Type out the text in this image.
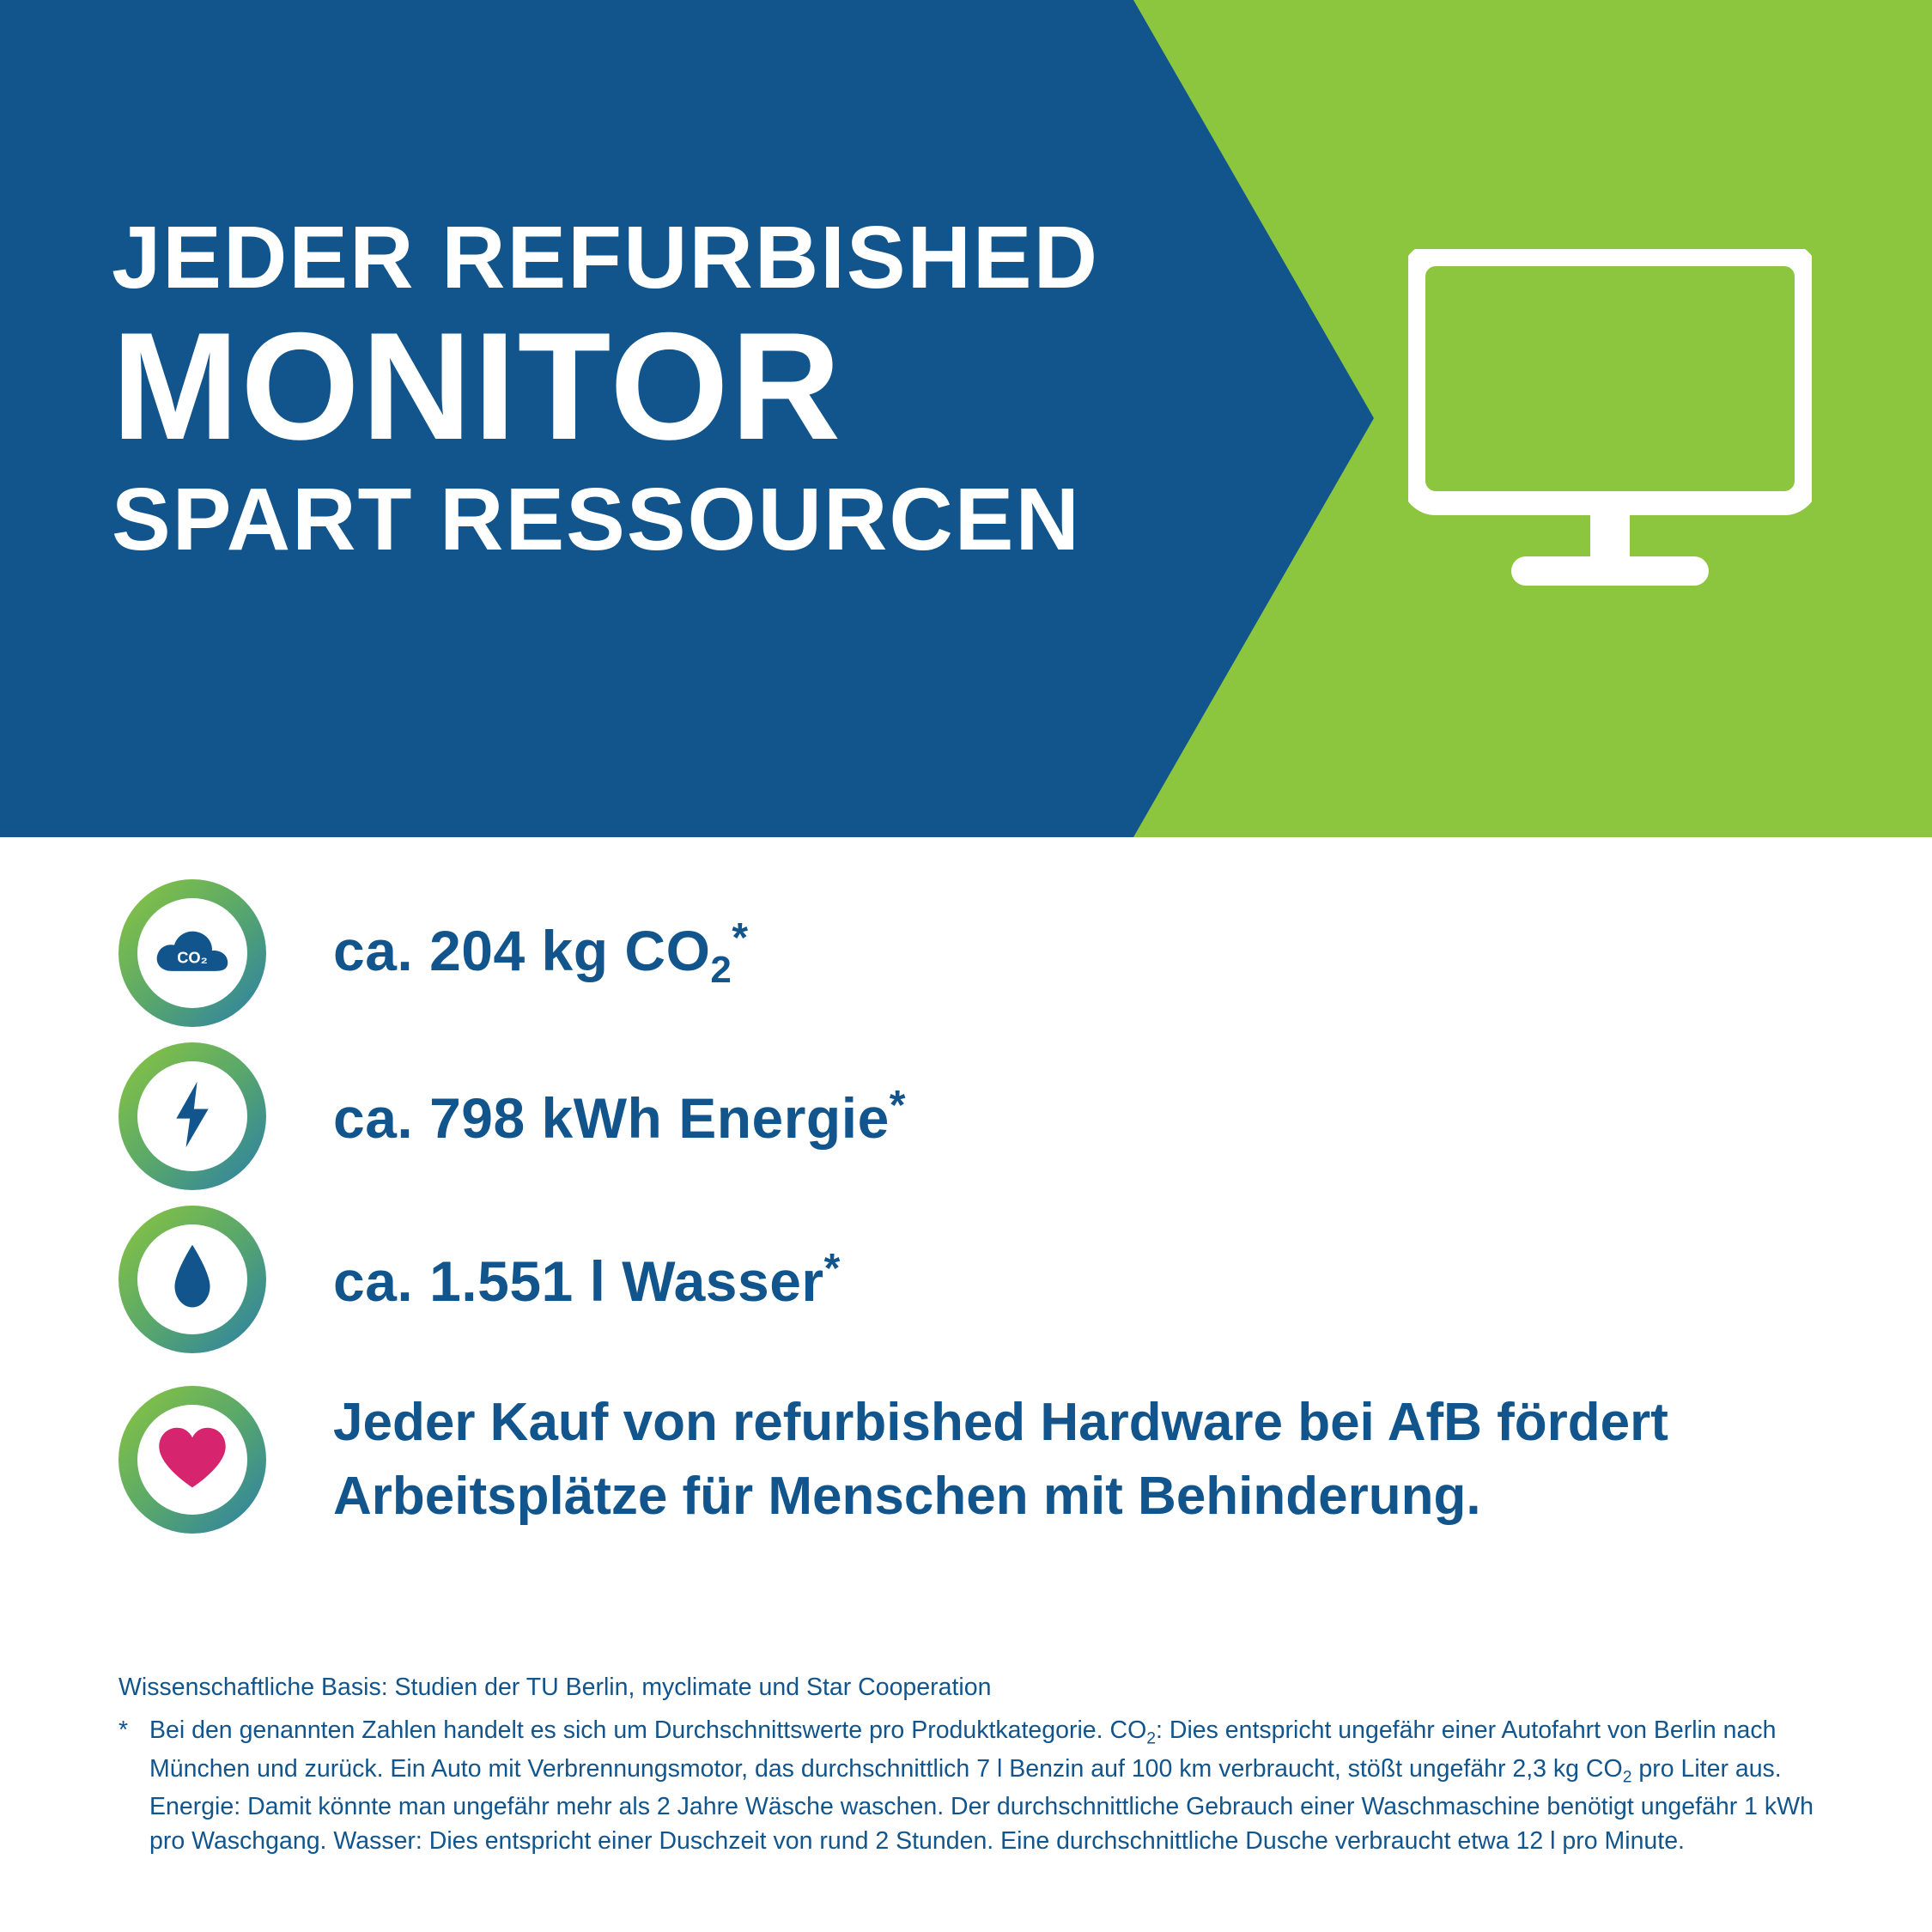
JEDER REFURBISHED
MONITOR
SPART RESSOURCEN
CO₂ ca. 204 kg $CO_2^*$
ca. 798 kWh Energie*
ca. 1.551 l Wasser*
Jeder Kauf von refurbished Hardware bei AfB fördert Arbeitsplätze für Menschen mit Behinderung.

Wissenschaftliche Basis: Studien der TU Berlin, myclimate und Star Cooperation

* Bei den genannten Zahlen handelt es sich um Durchschnittswerte pro Produktkategorie. $CO_2$: Dies entspricht ungefähr einer Autofahrt von Berlin nach München und zurück. Ein Auto mit Verbrennungsmotor, das durchschnittlich 7 l Benzin auf 100 km verbraucht, stößt ungefähr 2,3 kg $CO_2$ pro Liter aus. Energie: Damit könnte man ungefähr mehr als 2 Jahre Wäsche waschen. Der durchschnittliche Gebrauch einer Waschmaschine benötigt ungefähr 1 kWh pro Waschgang. Wasser: Dies entspricht einer Duschzeit von rund 2 Stunden. Eine durchschnittliche Dusche verbraucht etwa 12 l pro Minute.
